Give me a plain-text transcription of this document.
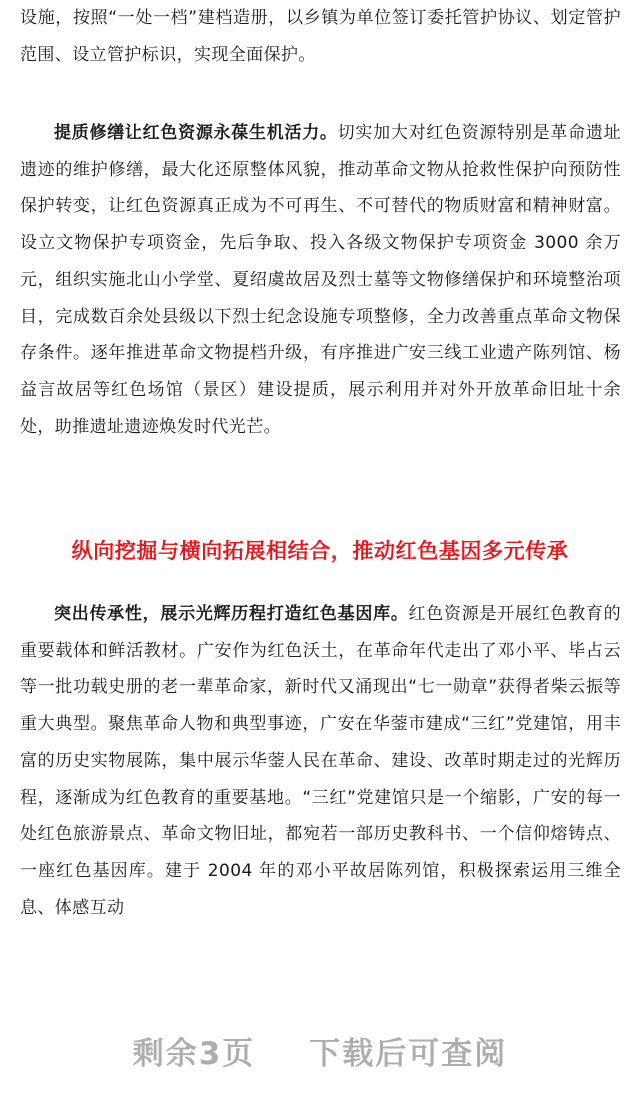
设施，按照“一处一档”建档造册，以乡镇为单位签订委托管护协议、划定管护范围、设立管护标识，实现全面保护。

提质修缮让红色资源永葆生机活力。切实加大对红色资源特别是革命遗址遗迹的维护修缮，最大化还原整体风貌，推动革命文物从抢救性保护向预防性保护转变，让红色资源真正成为不可再生、不可替代的物质财富和精神财富。设立文物保护专项资金，先后争取、投入各级文物保护专项资金 3000 余万元，组织实施北山小学堂、夏绍虞故居及烈士墓等文物修缮保护和环境整治项目，完成数百余处县级以下烈士纪念设施专项整修，全力改善重点革命文物保存条件。逐年推进革命文物提档升级，有序推进广安三线工业遗产陈列馆、杨益言故居等红色场馆（景区）建设提质，展示利用并对外开放革命旧址十余处，助推遗址遗迹焕发时代光芒。

纵向挖掘与横向拓展相结合，推动红色基因多元传承

突出传承性，展示光辉历程打造红色基因库。红色资源是开展红色教育的重要载体和鲜活教材。广安作为红色沃土，在革命年代走出了邓小平、毕占云等一批功载史册的老一辈革命家，新时代又涌现出“七一勋章”获得者柴云振等重大典型。聚焦革命人物和典型事迹，广安在华蓥市建成“三红”党建馆，用丰富的历史实物展陈，集中展示华蓥人民在革命、建设、改革时期走过的光辉历程，逐渐成为红色教育的重要基地。“三红”党建馆只是一个缩影，广安的每一处红色旅游景点、革命文物旧址，都宛若一部历史教科书、一个信仰熔铸点、一座红色基因库。建于 2004 年的邓小平故居陈列馆，积极探索运用三维全息、体感互动

剩余3页 下载后可查阅
